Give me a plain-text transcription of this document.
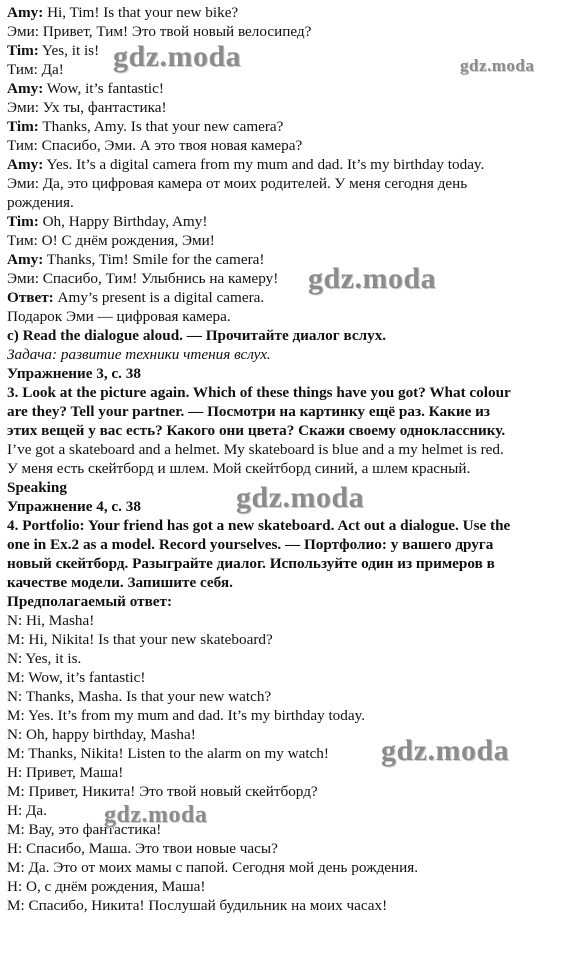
Amy: Hi, Tim! Is that your new bike?
Эми: Привет, Тим! Это твой новый велосипед?
Tim: Yes, it is!
Тим: Да!
Amy: Wow, it’s fantastic!
Эми: Ух ты, фантастика!
Tim: Thanks, Amy. Is that your new camera?
Тим: Спасибо, Эми. А это твоя новая камера?
Amy: Yes. It’s a digital camera from my mum and dad. It’s my birthday today.
Эми: Да, это цифровая камера от моих родителей. У меня сегодня день
рождения.
Tim: Oh, Happy Birthday, Amy!
Тим: О! С днём рождения, Эми!
Amy: Thanks, Tim! Smile for the camera!
Эми: Спасибо, Тим! Улыбнись на камеру!
Ответ: Amy’s present is a digital camera.
Подарок Эми — цифровая камера.
c) Read the dialogue aloud. — Прочитайте диалог вслух.
Задача: развитие техники чтения вслух.
Упражнение 3, с. 38
3. Look at the picture again. Which of these things have you got? What colour
are they? Tell your partner. — Посмотри на картинку ещё раз. Какие из
этих вещей у вас есть? Какого они цвета? Скажи своему однокласснику.
I’ve got a skateboard and a helmet. My skateboard is blue and a my helmet is red.
У меня есть скейтборд и шлем. Мой скейтборд синий, а шлем красный.
Speaking
Упражнение 4, с. 38
4. Portfolio: Your friend has got a new skateboard. Act out a dialogue. Use the
one in Ex.2 as a model. Record yourselves. — Портфолио: у вашего друга
новый скейтборд. Разыграйте диалог. Используйте один из примеров в
качестве модели. Запишите себя.
Предполагаемый ответ:
N: Hi, Masha!
M: Hi, Nikita! Is that your new skateboard?
N: Yes, it is.
M: Wow, it’s fantastic!
N: Thanks, Masha. Is that your new watch?
M: Yes. It’s from my mum and dad. It’s my birthday today.
N: Oh, happy birthday, Masha!
M: Thanks, Nikita! Listen to the alarm on my watch!
Н: Привет, Маша!
М: Привет, Никита! Это твой новый скейтборд?
Н: Да.
М: Вау, это фантастика!
Н: Спасибо, Маша. Это твои новые часы?
М: Да. Это от моих мамы с папой. Сегодня мой день рождения.
Н: О, с днём рождения, Маша!
М: Спасибо, Никита! Послушай будильник на моих часах!
gdz.moda	gdz.moda
gdz.moda
gdz.moda
gdz.moda
gdz.moda
